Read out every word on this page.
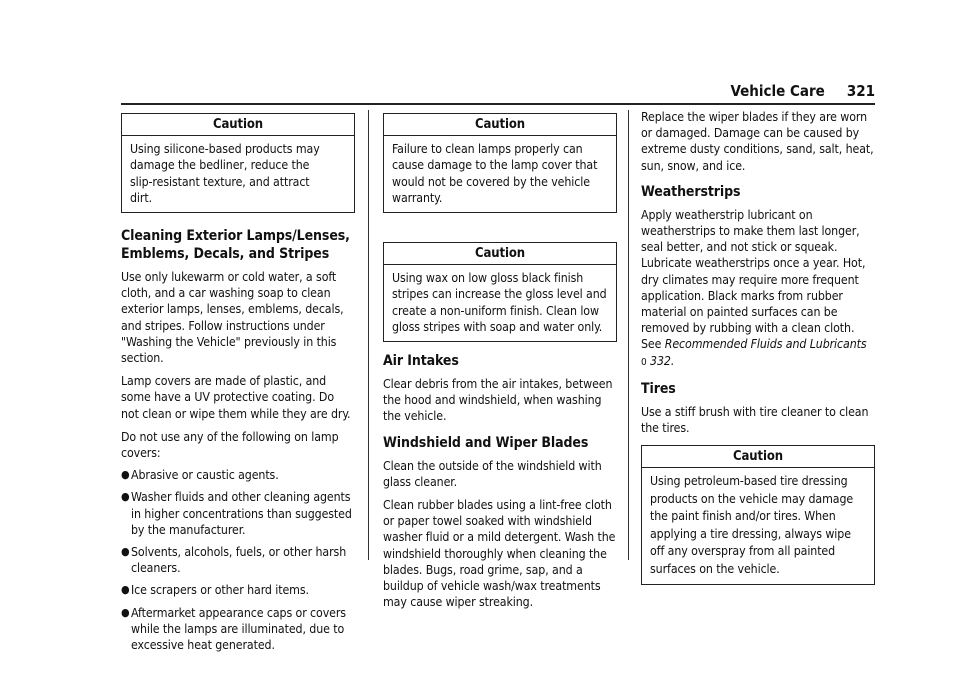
Vehicle Care 321
Caution
Using silicone-based products may damage the bedliner, reduce the slip-resistant texture, and attract dirt.
Cleaning Exterior Lamps/Lenses, Emblems, Decals, and Stripes

Use only lukewarm or cold water, a soft cloth, and a car washing soap to clean exterior lamps, lenses, emblems, decals, and stripes. Follow instructions under "Washing the Vehicle" previously in this section.

Lamp covers are made of plastic, and some have a UV protective coating. Do not clean or wipe them while they are dry.

Do not use any of the following on lamp covers:

● Abrasive or caustic agents.
● Washer fluids and other cleaning agents in higher concentrations than suggested by the manufacturer.
● Solvents, alcohols, fuels, or other harsh cleaners.
● Ice scrapers or other hard items.
● Aftermarket appearance caps or covers while the lamps are illuminated, due to excessive heat generated.
Caution
Failure to clean lamps properly can cause damage to the lamp cover that would not be covered by the vehicle warranty.
Caution
Using wax on low gloss black finish stripes can increase the gloss level and create a non-uniform finish. Clean low gloss stripes with soap and water only.
Air Intakes

Clear debris from the air intakes, between the hood and windshield, when washing the vehicle.

Windshield and Wiper Blades

Clean the outside of the windshield with glass cleaner.

Clean rubber blades using a lint-free cloth or paper towel soaked with windshield washer fluid or a mild detergent. Wash the windshield thoroughly when cleaning the blades. Bugs, road grime, sap, and a buildup of vehicle wash/wax treatments may cause wiper streaking.

Replace the wiper blades if they are worn or damaged. Damage can be caused by extreme dusty conditions, sand, salt, heat, sun, snow, and ice.

Weatherstrips

Apply weatherstrip lubricant on weatherstrips to make them last longer, seal better, and not stick or squeak. Lubricate weatherstrips once a year. Hot, dry climates may require more frequent application. Black marks from rubber material on painted surfaces can be removed by rubbing with a clean cloth. See Recommended Fluids and Lubricants 0 332.

Tires

Use a stiff brush with tire cleaner to clean the tires.

Caution
Using petroleum-based tire dressing products on the vehicle may damage the paint finish and/or tires. When applying a tire dressing, always wipe off any overspray from all painted surfaces on the vehicle.
